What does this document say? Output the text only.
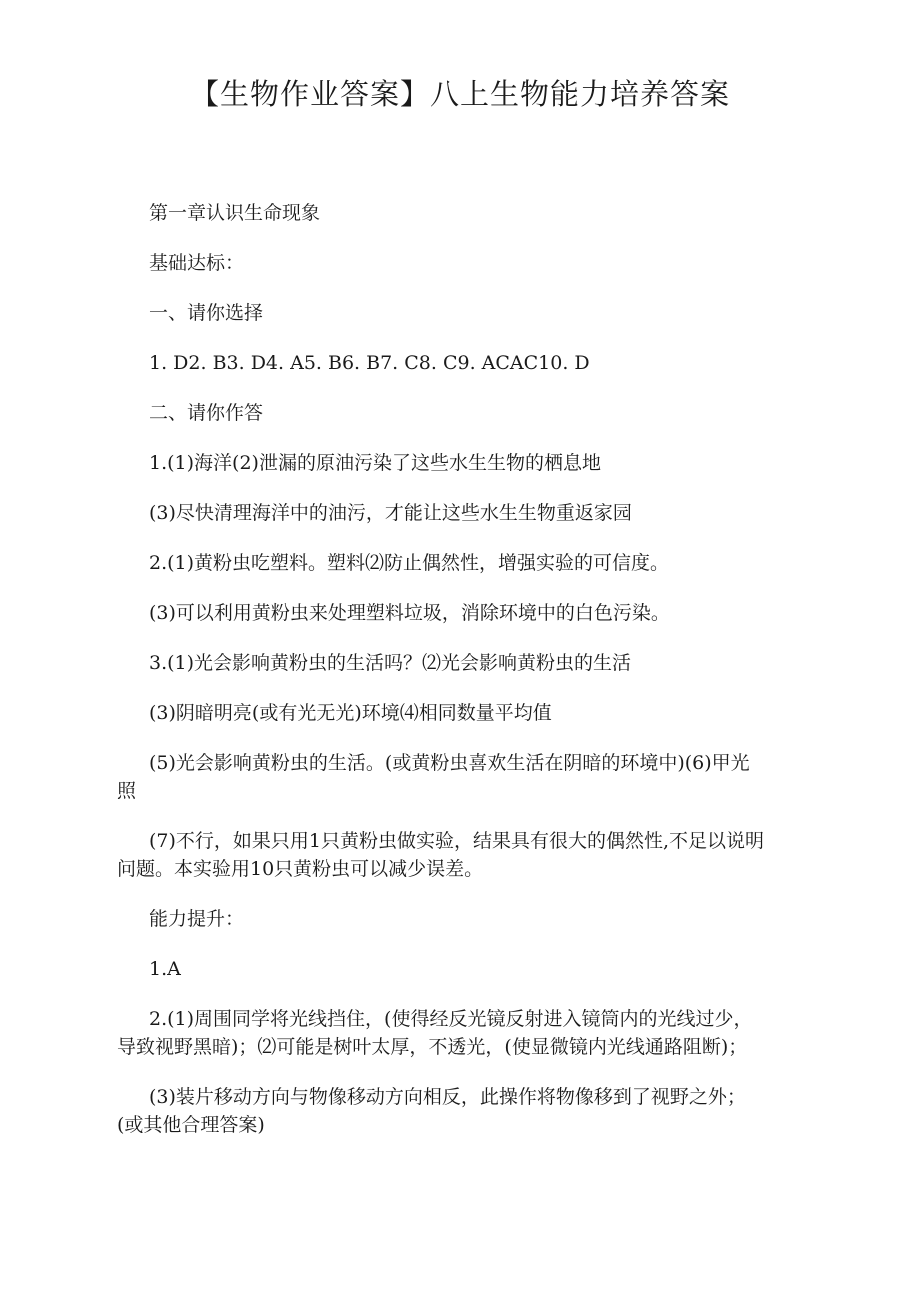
【生物作业答案】八上生物能力培养答案

第一章认识生命现象

基础达标：

一、请你选择

1. D2. B3. D4. A5. B6. B7. C8. C9. ACAC10. D

二、请你作答

1.(1)海洋(2)泄漏的原油污染了这些水生生物的栖息地

(3)尽快清理海洋中的油污，才能让这些水生生物重返家园

2.(1)黄粉虫吃塑料。塑料⑵防止偶然性，增强实验的可信度。

(3)可以利用黄粉虫来处理塑料垃圾，消除环境中的白色污染。

3.(1)光会影响黄粉虫的生活吗？⑵光会影响黄粉虫的生活

(3)阴暗明亮(或有光无光)环境⑷相同数量平均值

(5)光会影响黄粉虫的生活。(或黄粉虫喜欢生活在阴暗的环境中)(6)甲光照

(7)不行，如果只用1只黄粉虫做实验，结果具有很大的偶然性,不足以说明问题。本实验用10只黄粉虫可以减少误差。

能力提升：

1.A

2.(1)周围同学将光线挡住，(使得经反光镜反射进入镜筒内的光线过少，导致视野黑暗)；⑵可能是树叶太厚，不透光，(使显微镜内光线通路阻断)；

(3)装片移动方向与物像移动方向相反，此操作将物像移到了视野之外；(或其他合理答案)
